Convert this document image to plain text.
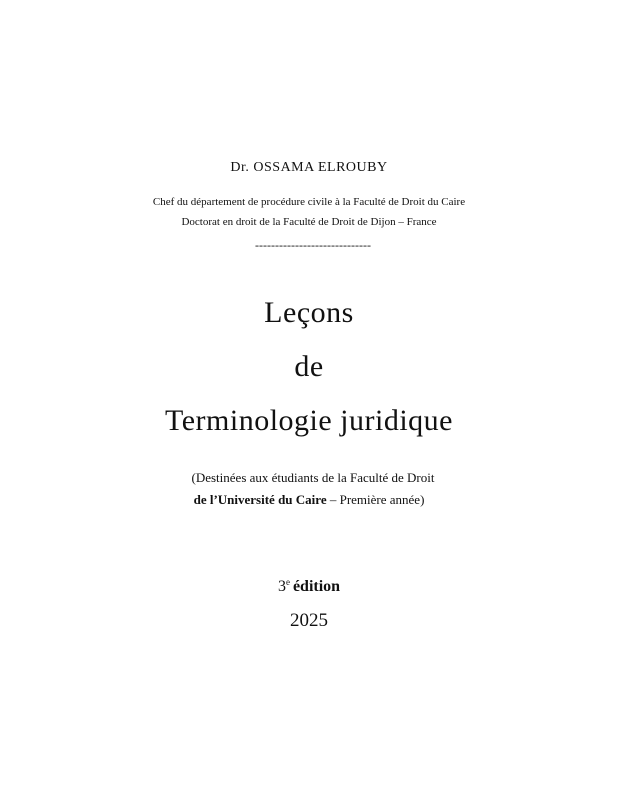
Dr. OSSAMA ELROUBY
Chef du département de procédure civile à la Faculté de Droit du Caire
Doctorat en droit de la Faculté de Droit de Dijon – France
-----------------------------
Leçons
de
Terminologie juridique
(Destinées aux étudiants de la Faculté de Droit
de l’Université du Caire – Première année)
3e édition
2025
